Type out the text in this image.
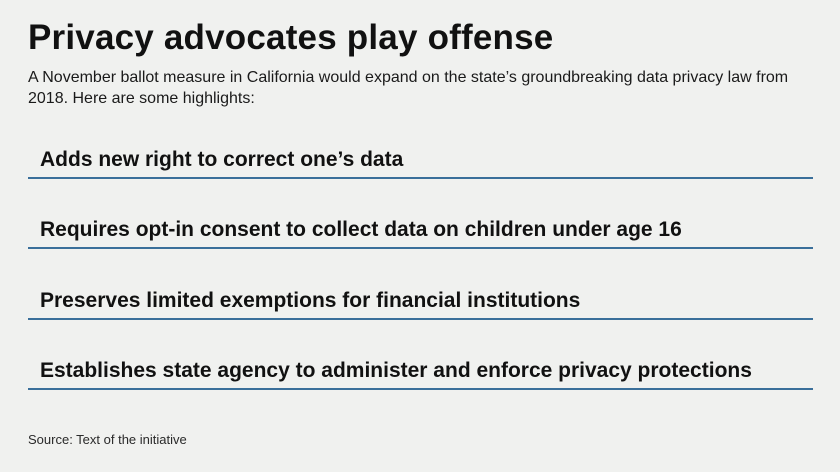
Privacy advocates play offense

A November ballot measure in California would expand on the state’s groundbreaking data privacy law from 2018. Here are some highlights:

Adds new right to correct one’s data
Requires opt-in consent to collect data on children under age 16
Preserves limited exemptions for financial institutions
Establishes state agency to administer and enforce privacy protections
Source: Text of the initiative
